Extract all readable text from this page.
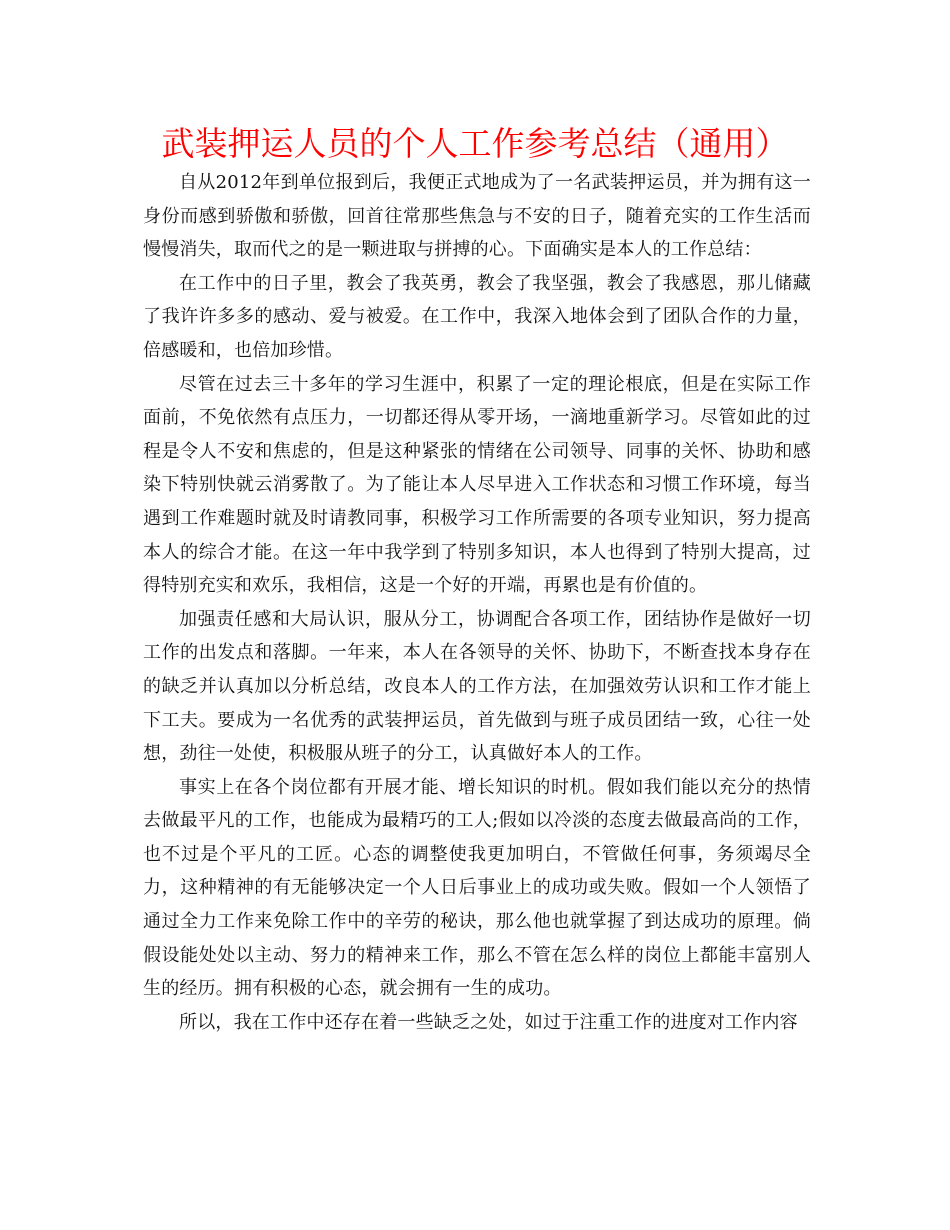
武装押运人员的个人工作参考总结（通用）

自从2012年到单位报到后，我便正式地成为了一名武装押运员，并为拥有这一身份而感到骄傲和骄傲，回首往常那些焦急与不安的日子，随着充实的工作生活而慢慢消失，取而代之的是一颗进取与拼搏的心。下面确实是本人的工作总结：

在工作中的日子里，教会了我英勇，教会了我坚强，教会了我感恩，那儿储藏了我许许多多的感动、爱与被爱。在工作中，我深入地体会到了团队合作的力量，倍感暖和，也倍加珍惜。

尽管在过去三十多年的学习生涯中，积累了一定的理论根底，但是在实际工作面前，不免依然有点压力，一切都还得从零开场，一滴地重新学习。尽管如此的过程是令人不安和焦虑的，但是这种紧张的情绪在公司领导、同事的关怀、协助和感染下特别快就云消雾散了。为了能让本人尽早进入工作状态和习惯工作环境，每当遇到工作难题时就及时请教同事，积极学习工作所需要的各项专业知识，努力提高本人的综合才能。在这一年中我学到了特别多知识，本人也得到了特别大提高，过得特别充实和欢乐，我相信，这是一个好的开端，再累也是有价值的。

加强责任感和大局认识，服从分工，协调配合各项工作，团结协作是做好一切工作的出发点和落脚。一年来，本人在各领导的关怀、协助下，不断查找本身存在的缺乏并认真加以分析总结，改良本人的工作方法，在加强效劳认识和工作才能上下工夫。要成为一名优秀的武装押运员，首先做到与班子成员团结一致，心往一处想，劲往一处使，积极服从班子的分工，认真做好本人的工作。

事实上在各个岗位都有开展才能、增长知识的时机。假如我们能以充分的热情去做最平凡的工作，也能成为最精巧的工人;假如以冷淡的态度去做最高尚的工作，也不过是个平凡的工匠。心态的调整使我更加明白，不管做任何事，务须竭尽全力，这种精神的有无能够决定一个人日后事业上的成功或失败。假如一个人领悟了通过全力工作来免除工作中的辛劳的秘诀，那么他也就掌握了到达成功的原理。倘假设能处处以主动、努力的精神来工作，那么不管在怎么样的岗位上都能丰富别人生的经历。拥有积极的心态，就会拥有一生的成功。

所以，我在工作中还存在着一些缺乏之处，如过于注重工作的进度对工作内容
